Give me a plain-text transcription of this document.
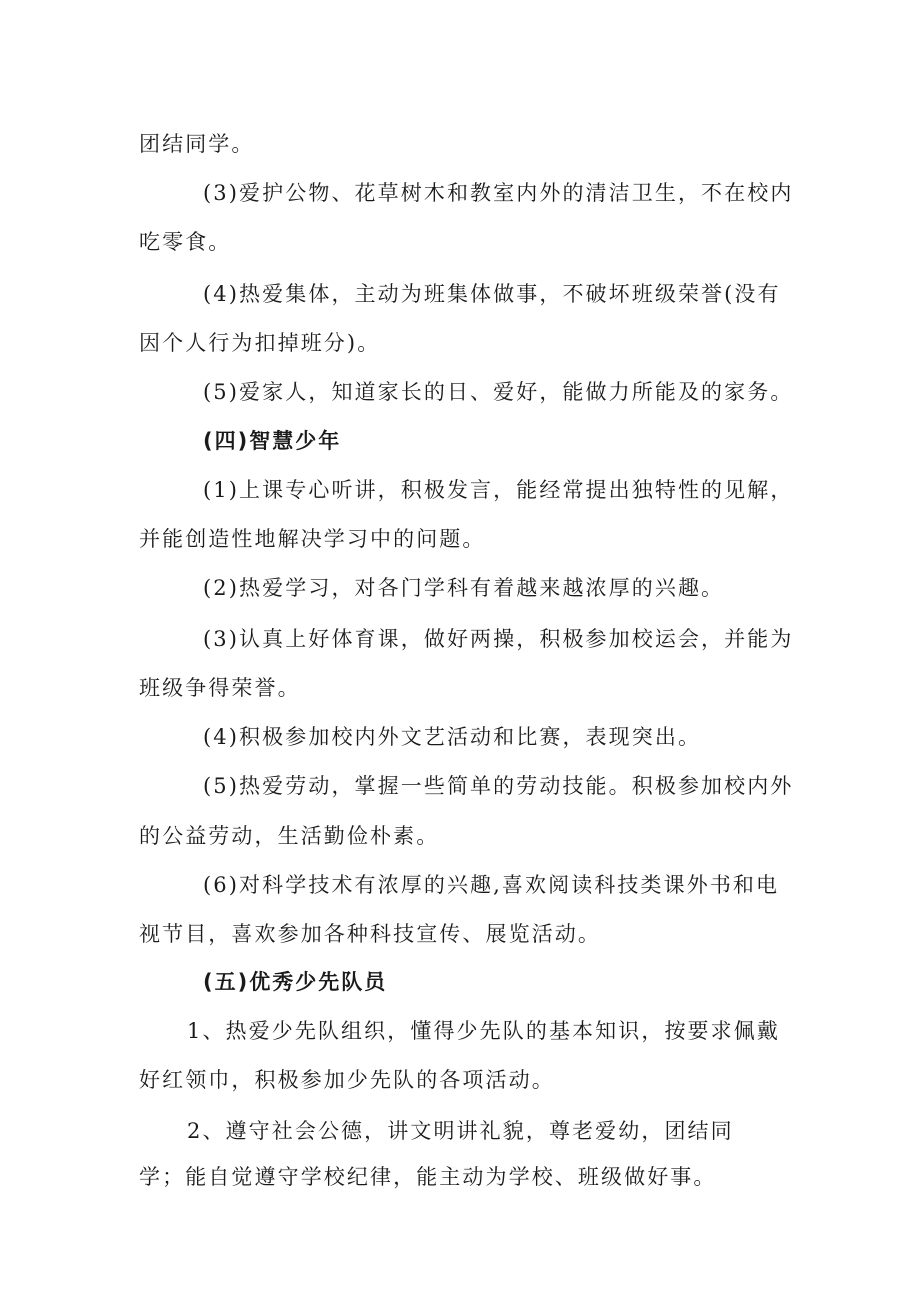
团结同学。
(3)爱护公物、花草树木和教室内外的清洁卫生，不在校内
吃零食。
(4)热爱集体，主动为班集体做事，不破坏班级荣誉(没有
因个人行为扣掉班分)。
(5)爱家人，知道家长的日、爱好，能做力所能及的家务。
(四)智慧少年
(1)上课专心听讲，积极发言，能经常提出独特性的见解，
并能创造性地解决学习中的问题。
(2)热爱学习，对各门学科有着越来越浓厚的兴趣。
(3)认真上好体育课，做好两操，积极参加校运会，并能为
班级争得荣誉。
(4)积极参加校内外文艺活动和比赛，表现突出。
(5)热爱劳动，掌握一些简单的劳动技能。积极参加校内外
的公益劳动，生活勤俭朴素。
(6)对科学技术有浓厚的兴趣,喜欢阅读科技类课外书和电
视节目，喜欢参加各种科技宣传、展览活动。
(五)优秀少先队员
1、热爱少先队组织，懂得少先队的基本知识，按要求佩戴
好红领巾，积极参加少先队的各项活动。
2、遵守社会公德，讲文明讲礼貌，尊老爱幼，团结同
学；能自觉遵守学校纪律，能主动为学校、班级做好事。
